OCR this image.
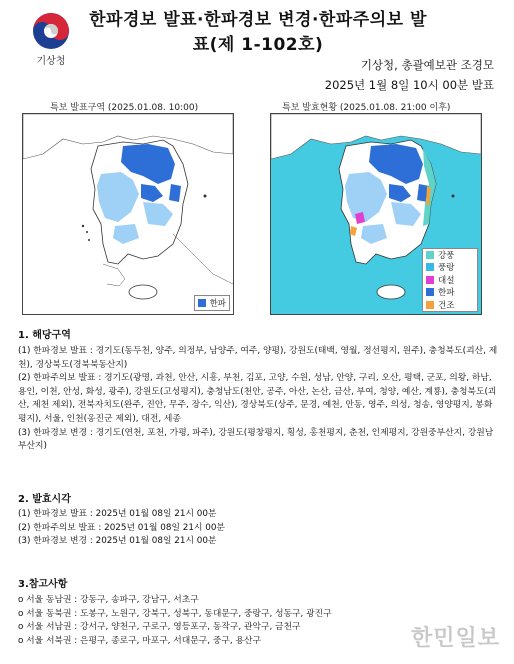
기상청
한파경보 발표·한파경보 변경·한파주의보 발표(제 1-102호)
기상청, 총괄예보관 조경모
2025년 1월 8일 10시 00분 발표
특보 발표구역 (2025.01.08. 10:00)
한파
특보 발효현황 (2025.01.08. 21:00 이후)
강풍
풍랑
대설
한파
건조
1. 해당구역

(1) 한파경보 발표 : 경기도(동두천, 양주, 의정부, 남양주, 여주, 양평), 강원도(태백, 영월, 정선평지, 원주), 충청북도(괴산, 제천), 경상북도(경북북동산지)

(2) 한파주의보 발표 : 경기도(광명, 과천, 안산, 시흥, 부천, 김포, 고양, 수원, 성남, 안양, 구리, 오산, 평택, 군포, 의왕, 하남, 용인, 이천, 안성, 화성, 광주), 강원도(고성평지), 충청남도(천안, 공주, 아산, 논산, 금산, 부여, 청양, 예산, 계룡), 충청북도(괴산, 제천 제외), 전북자치도(완주, 진안, 무주, 장수, 익산), 경상북도(상주, 문경, 예천, 안동, 영주, 의성, 청송, 영양평지, 봉화평지), 서울, 인천(옹진군 제외), 대전, 세종

(3) 한파경보 변경 : 경기도(연천, 포천, 가평, 파주), 강원도(평창평지, 횡성, 홍천평지, 춘천, 인제평지, 강원중부산지, 강원남부산지)

2. 발효시각

(1) 한파경보 발표 : 2025년 01월 08일 21시 00분

(2) 한파주의보 발표 : 2025년 01월 08일 21시 00분

(3) 한파경보 변경 : 2025년 01월 08일 21시 00분

3.참고사항

o 서울 동남권 : 강동구, 송파구, 강남구, 서초구

o 서울 동북권 : 도봉구, 노원구, 강북구, 성북구, 동대문구, 중랑구, 성동구, 광진구

o 서울 서남권 : 강서구, 양천구, 구로구, 영등포구, 동작구, 관악구, 금천구

o 서울 서북권 : 은평구, 종로구, 마포구, 서대문구, 중구, 용산구	한민일보
